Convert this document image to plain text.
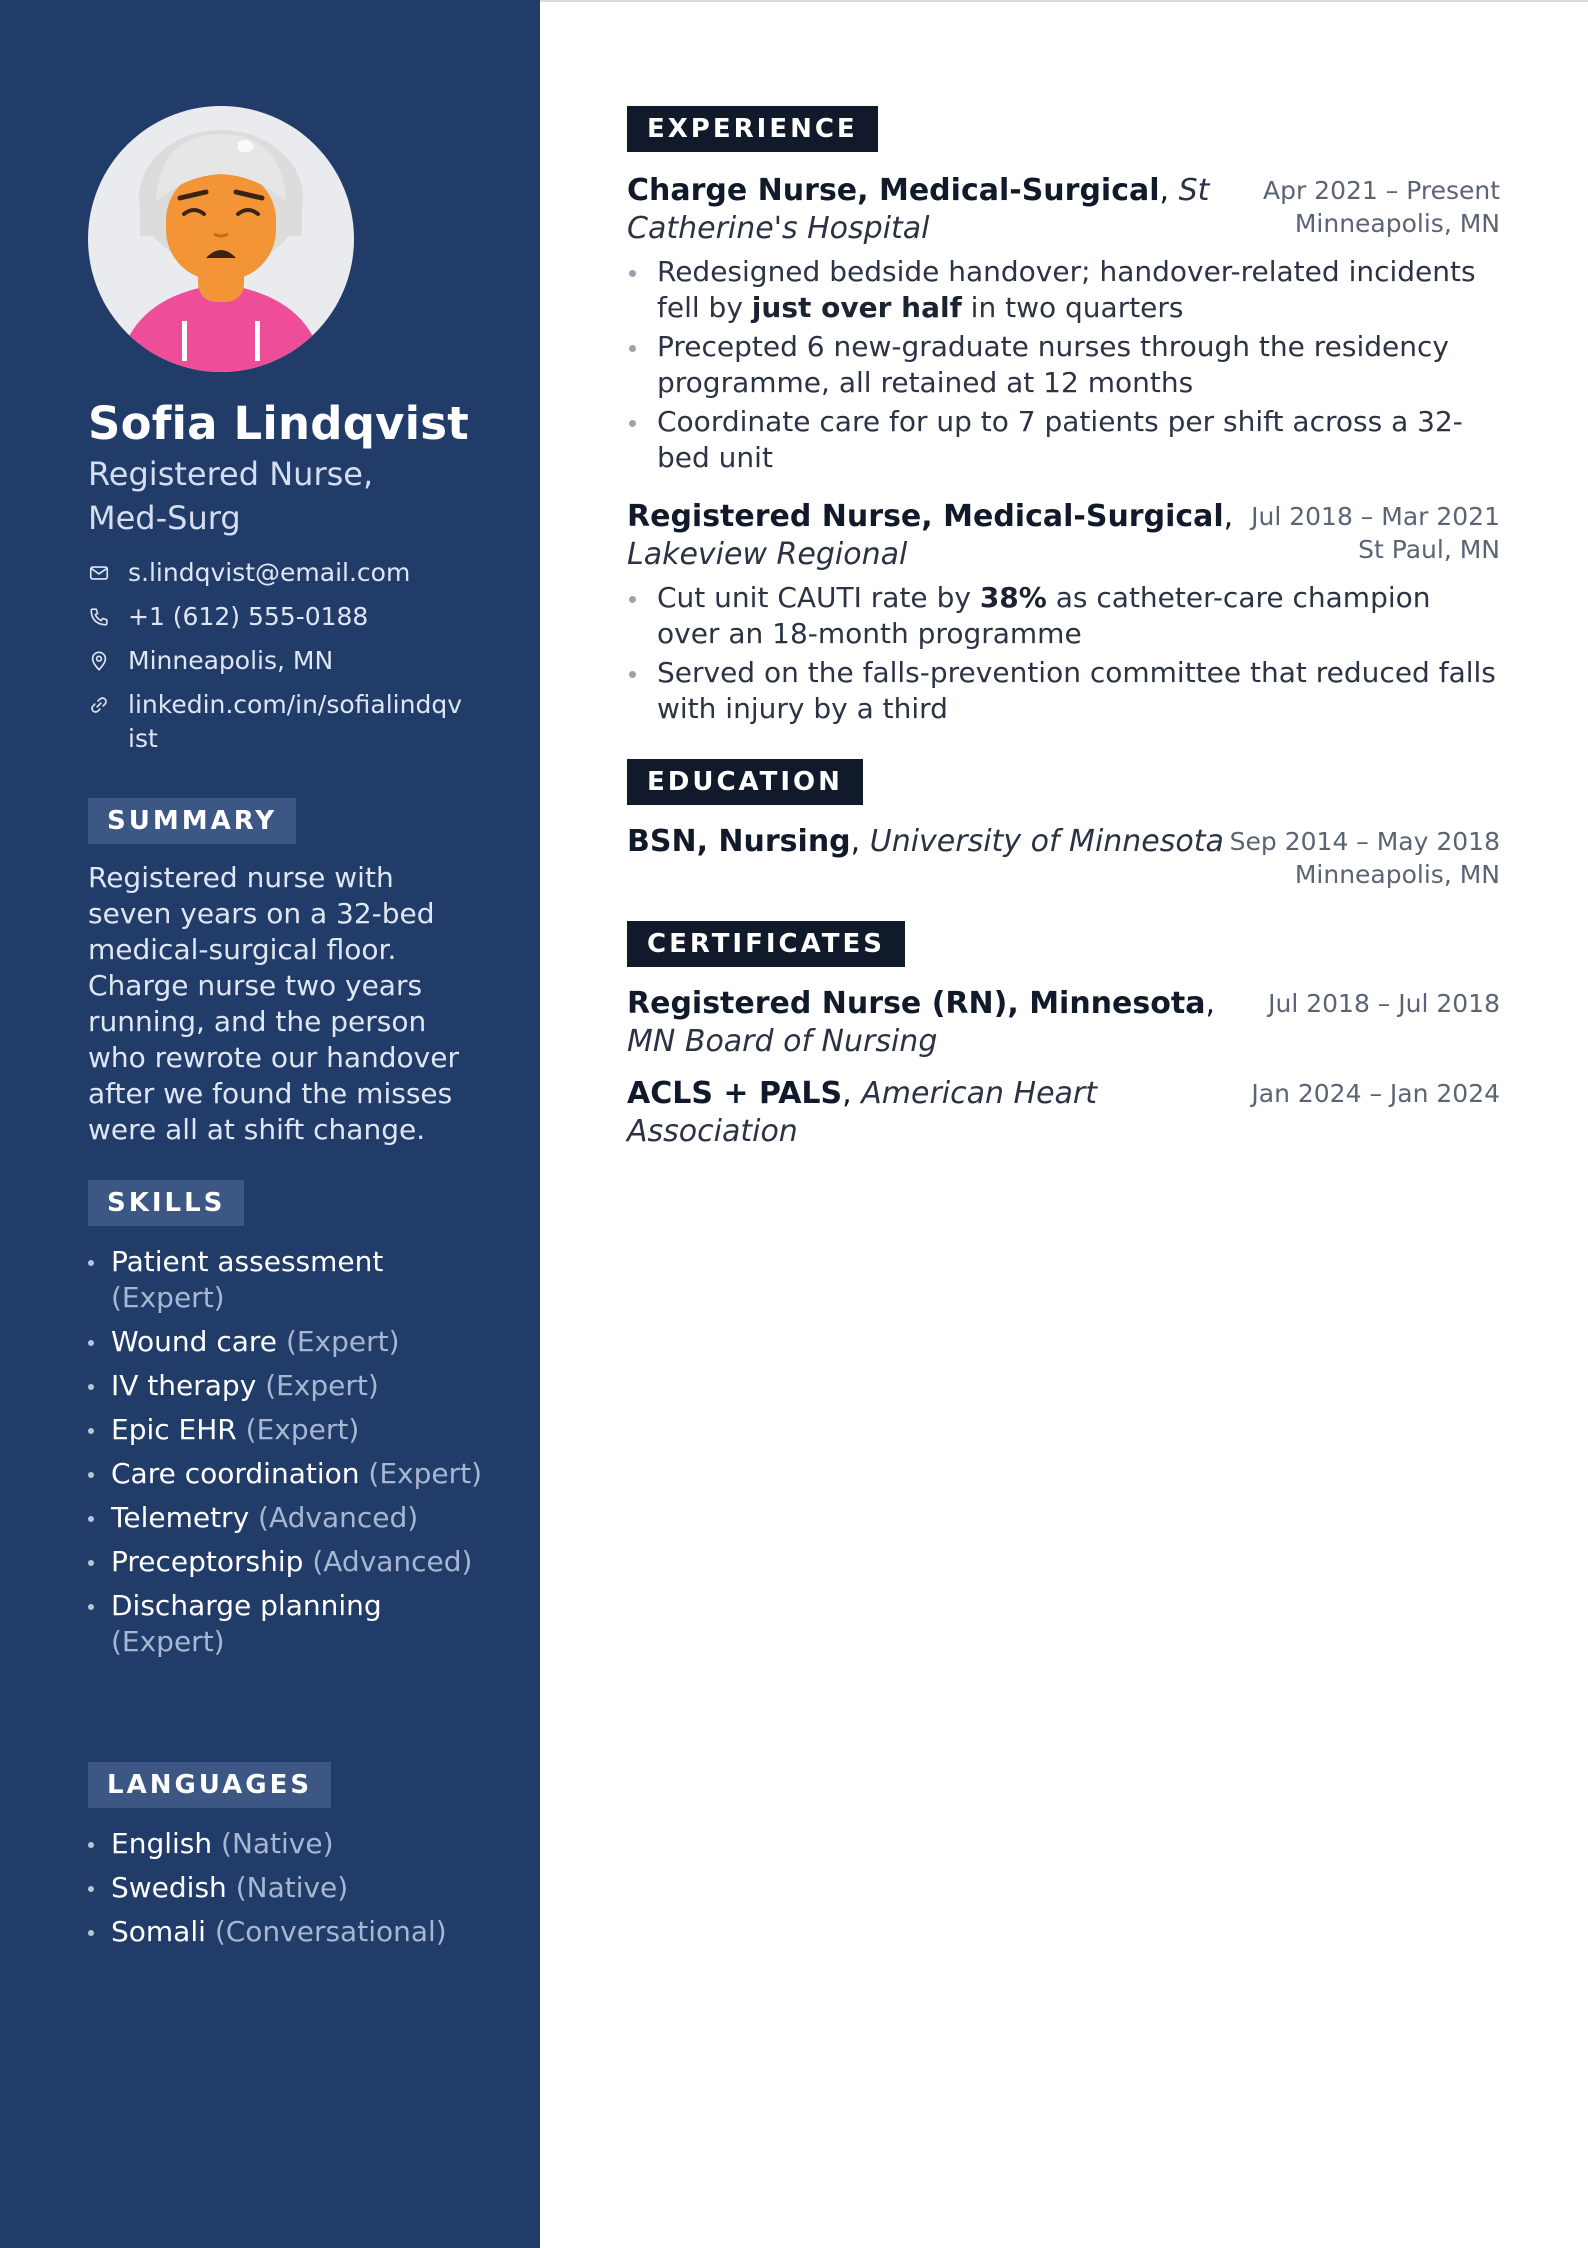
Sofia Lindqvist
Registered Nurse, Med-Surg
s.lindqvist@email.com
+1 (612) 555-0188
Minneapolis, MN
linkedin.com/in/sofialindqvist
SUMMARY

Registered nurse with seven years on a 32-bed medical-surgical floor. Charge nurse two years running, and the person who rewrote our handover after we found the misses were all at shift change.

SKILLS
Patient assessment (Expert)
Wound care (Expert)
IV therapy (Expert)
Epic EHR (Expert)
Care coordination (Expert)
Telemetry (Advanced)
Preceptorship (Advanced)
Discharge planning (Expert)
LANGUAGES
English (Native)
Swedish (Native)
Somali (Conversational)
EXPERIENCE
Charge Nurse, Medical-Surgical, St Catherine's Hospital
Apr 2021 – Present
Minneapolis, MN
Redesigned bedside handover; handover-related incidents fell by just over half in two quarters
Precepted 6 new-graduate nurses through the residency programme, all retained at 12 months
Coordinate care for up to 7 patients per shift across a 32-bed unit
Registered Nurse, Medical-Surgical, Lakeview Regional
Jul 2018 – Mar 2021
St Paul, MN
Cut unit CAUTI rate by 38% as catheter-care champion over an 18-month programme
Served on the falls-prevention committee that reduced falls with injury by a third
EDUCATION
BSN, Nursing, University of Minnesota Sep 2014 – May 2018
Minneapolis, MN
CERTIFICATES
Registered Nurse (RN), Minnesota, MN Board of Nursing
Jul 2018 – Jul 2018
ACLS + PALS, American Heart Association
Jan 2024 – Jan 2024
